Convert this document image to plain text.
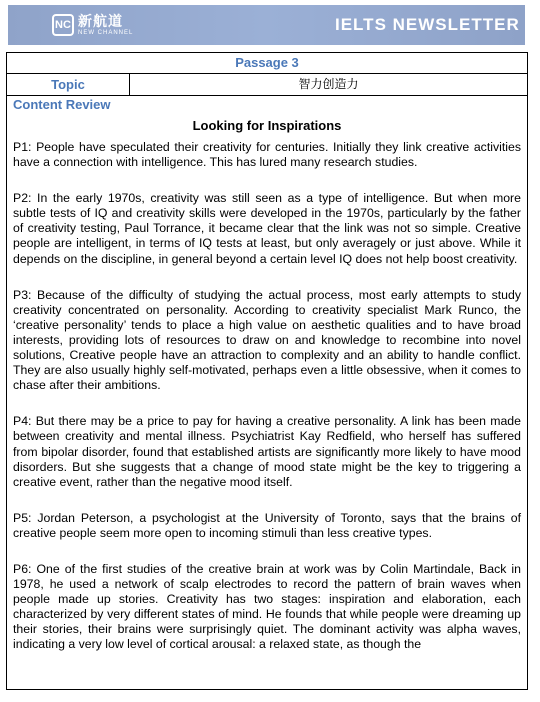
NC 新航道
NEW CHANNEL	IELTS NEWSLETTER
Passage 3
Topic	智力创造力
Content Review
Looking for Inspirations

P1: People have speculated their creativity for centuries. Initially they link creative activities have a connection with intelligence. This has lured many research studies.

P2: In the early 1970s, creativity was still seen as a type of intelligence. But when more subtle tests of IQ and creativity skills were developed in the 1970s, particularly by the father of creativity testing, Paul Torrance, it became clear that the link was not so simple. Creative people are intelligent, in terms of IQ tests at least, but only averagely or just above. While it depends on the discipline, in general beyond a certain level IQ does not help boost creativity.

P3: Because of the difficulty of studying the actual process, most early attempts to study creativity concentrated on personality. According to creativity specialist Mark Runco, the ‘creative personality’ tends to place a high value on aesthetic qualities and to have broad interests, providing lots of resources to draw on and knowledge to recombine into novel solutions, Creative people have an attraction to complexity and an ability to handle conflict. They are also usually highly self-motivated, perhaps even a little obsessive, when it comes to chase after their ambitions.

P4: But there may be a price to pay for having a creative personality. A link has been made between creativity and mental illness. Psychiatrist Kay Redfield, who herself has suffered from bipolar disorder, found that established artists are significantly more likely to have mood disorders. But she suggests that a change of mood state might be the key to triggering a creative event, rather than the negative mood itself.

P5: Jordan Peterson, a psychologist at the University of Toronto, says that the brains of creative people seem more open to incoming stimuli than less creative types.

P6: One of the first studies of the creative brain at work was by Colin Martindale, Back in 1978, he used a network of scalp electrodes to record the pattern of brain waves when people made up stories. Creativity has two stages: inspiration and elaboration, each characterized by very different states of mind. He founds that while people were dreaming up their stories, their brains were surprisingly quiet. The dominant activity was alpha waves, indicating a very low level of cortical arousal: a relaxed state, as though the
